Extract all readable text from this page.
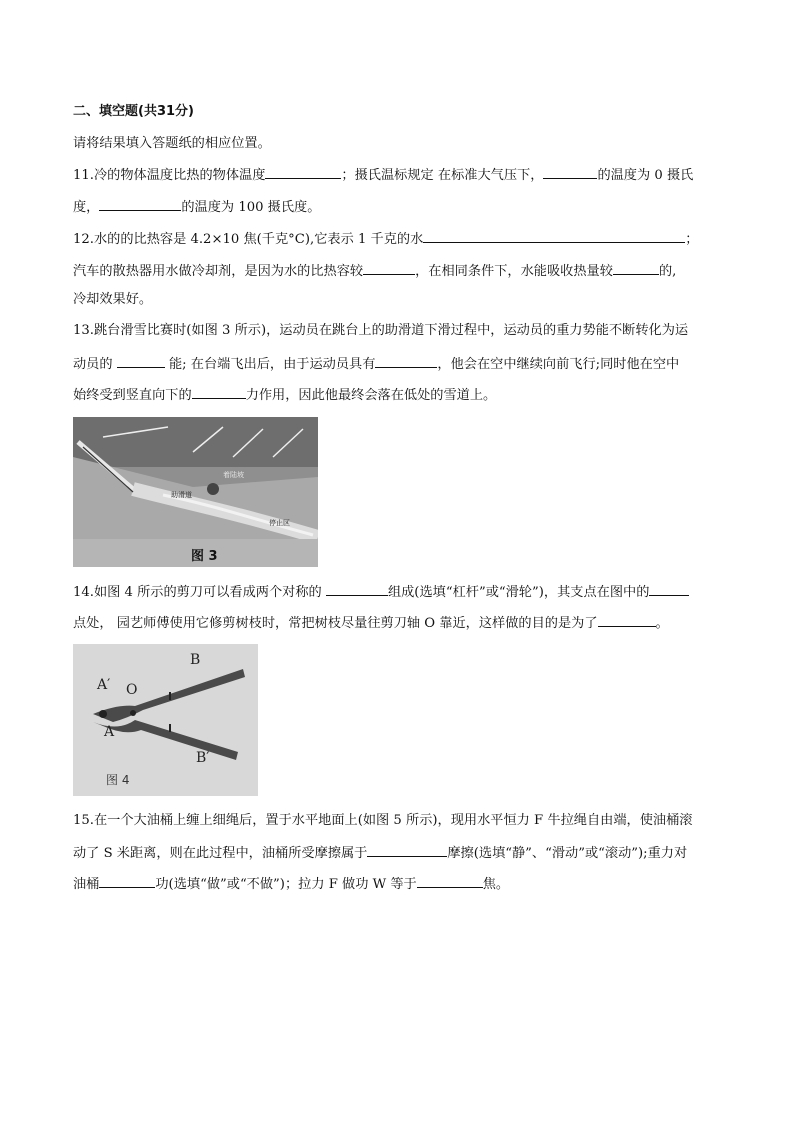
二、填空题(共31分)
请将结果填入答题纸的相应位置。
11.冷的物体温度比热的物体温度	；摄氏温标规定 在标准大气压下，	的温度为 0 摄氏
度，	的温度为 100 摄氏度。
12.水的的比热容是 4.2×10 焦(千克°C),它表示 1 千克的水	；
汽车的散热器用水做冷却剂，是因为水的比热容较	，在相同条件下，水能吸收热量较	的,
冷却效果好。
13.跳台滑雪比赛时(如图 3 所示)，运动员在跳台上的助滑道下滑过程中，运动员的重力势能不断转化为运
动员的	能; 在台端飞出后，由于运动员具有	，他会在空中继续向前飞行;同时他在空中
始终受到竖直向下的	力作用，因此他最终会落在低处的雪道上。
助滑道
着陆坡
停止区
图 3
14.如图 4 所示的剪刀可以看成两个对称的	组成(选填“杠杆”或“滑轮”)，其支点在图中的
点处， 园艺师傅使用它修剪树枝时，常把树枝尽量往剪刀轴 O 靠近，这样做的目的是为了	。
A′ O
A
B
B′
图 4
15.在一个大油桶上缠上细绳后，置于水平地面上(如图 5 所示)，现用水平恒力 F 牛拉绳自由端，使油桶滚
动了 S 米距离，则在此过程中，油桶所受摩擦属于	摩擦(选填“静”、“滑动”或“滚动”);重力对
油桶	功(选填“做”或“不做”)；拉力 F 做功 W 等于	焦。
